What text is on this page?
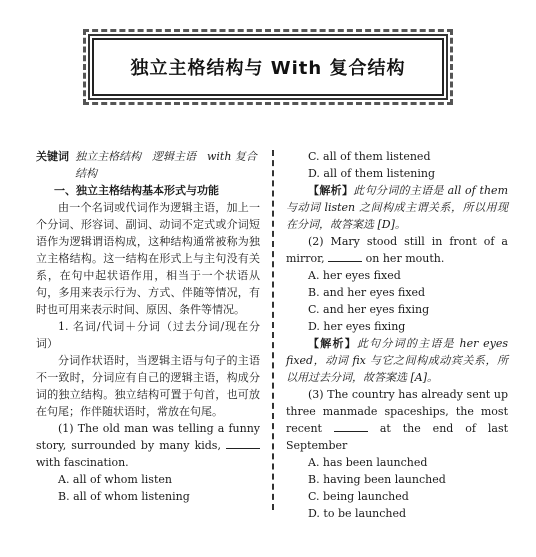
独立主格结构与 With 复合结构
关键词 独立主格结构　逻辑主语　with 复合结构

一、独立主格结构基本形式与功能

由一个名词或代词作为逻辑主语，加上一个分词、形容词、副词、动词不定式或介词短语作为逻辑谓语构成，这种结构通常被称为独立主格结构。这一结构在形式上与主句没有关系，在句中起状语作用，相当于一个状语从句，多用来表示行为、方式、伴随等情况，有时也可用来表示时间、原因、条件等情况。

1. 名词/代词＋分词（过去分词/现在分词）

分词作状语时，当逻辑主语与句子的主语不一致时，分词应有自己的逻辑主语，构成分词的独立结构。独立结构可置于句首，也可放在句尾；作伴随状语时，常放在句尾。

(1) The old man was telling a funny story, surrounded by many kids,  with fascination.

A. all of whom listen

B. all of whom listening

C. all of them listened

D. all of them listening

【解析】此句分词的主语是 all of them 与动词 listen 之间构成主谓关系，所以用现在分词，故答案选 [D]。

(2) Mary stood still in front of a mirror,	on her mouth.

A. her eyes fixed

B. and her eyes fixed

C. and her eyes fixing

D. her eyes fixing

【解析】此句分词的主语是 her eyes fixed，动词 fix 与它之间构成动宾关系，所以用过去分词，故答案选 [A]。

(3) The country has already sent up three manmade spaceships, the most recent	at the end of last September

A. has been launched

B. having been launched

C. being launched

D. to be launched
